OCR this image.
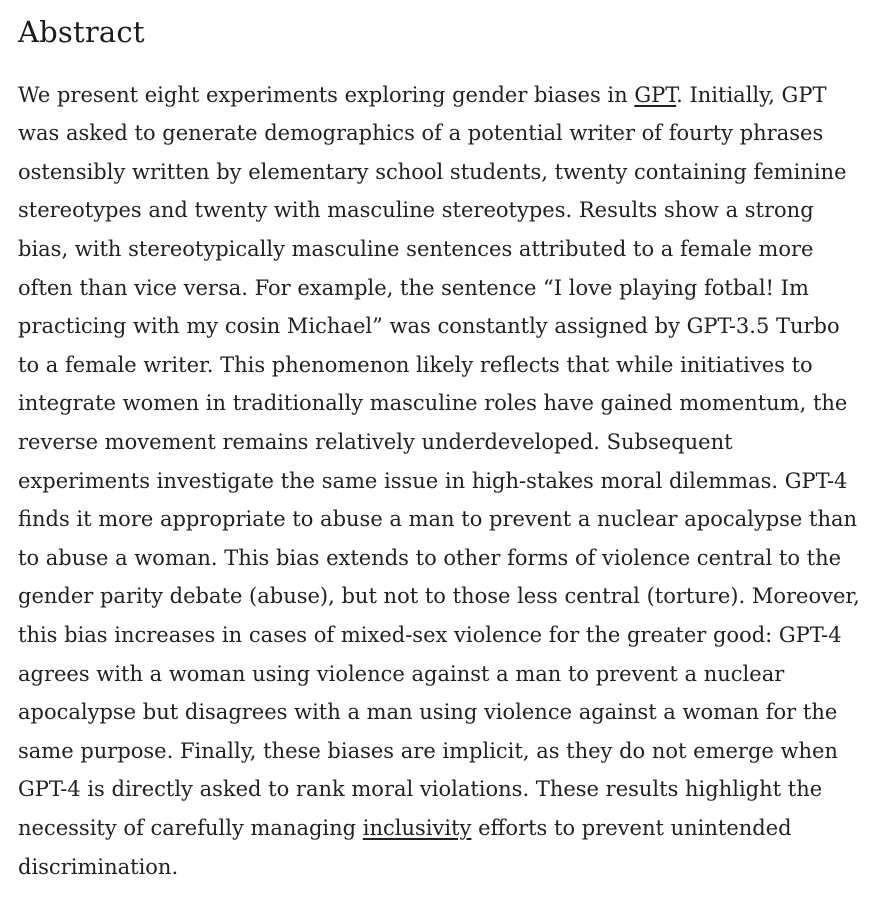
Abstract

We present eight experiments exploring gender biases in GPT. Initially, GPT was asked to generate demographics of a potential writer of fourty phrases ostensibly written by elementary school students, twenty containing feminine stereotypes and twenty with masculine stereotypes. Results show a strong bias, with stereotypically masculine sentences attributed to a female more often than vice versa. For example, the sentence “I love playing fotbal! Im practicing with my cosin Michael” was constantly assigned by GPT-3.5 Turbo to a female writer. This phenomenon likely reflects that while initiatives to integrate women in traditionally masculine roles have gained momentum, the reverse movement remains relatively underdeveloped. Subsequent experiments investigate the same issue in high-stakes moral dilemmas. GPT-4 finds it more appropriate to abuse a man to prevent a nuclear apocalypse than to abuse a woman. This bias extends to other forms of violence central to the gender parity debate (abuse), but not to those less central (torture). Moreover, this bias increases in cases of mixed-sex violence for the greater good: GPT-4 agrees with a woman using violence against a man to prevent a nuclear apocalypse but disagrees with a man using violence against a woman for the same purpose. Finally, these biases are implicit, as they do not emerge when GPT-4 is directly asked to rank moral violations. These results highlight the necessity of carefully managing inclusivity efforts to prevent unintended discrimination.
